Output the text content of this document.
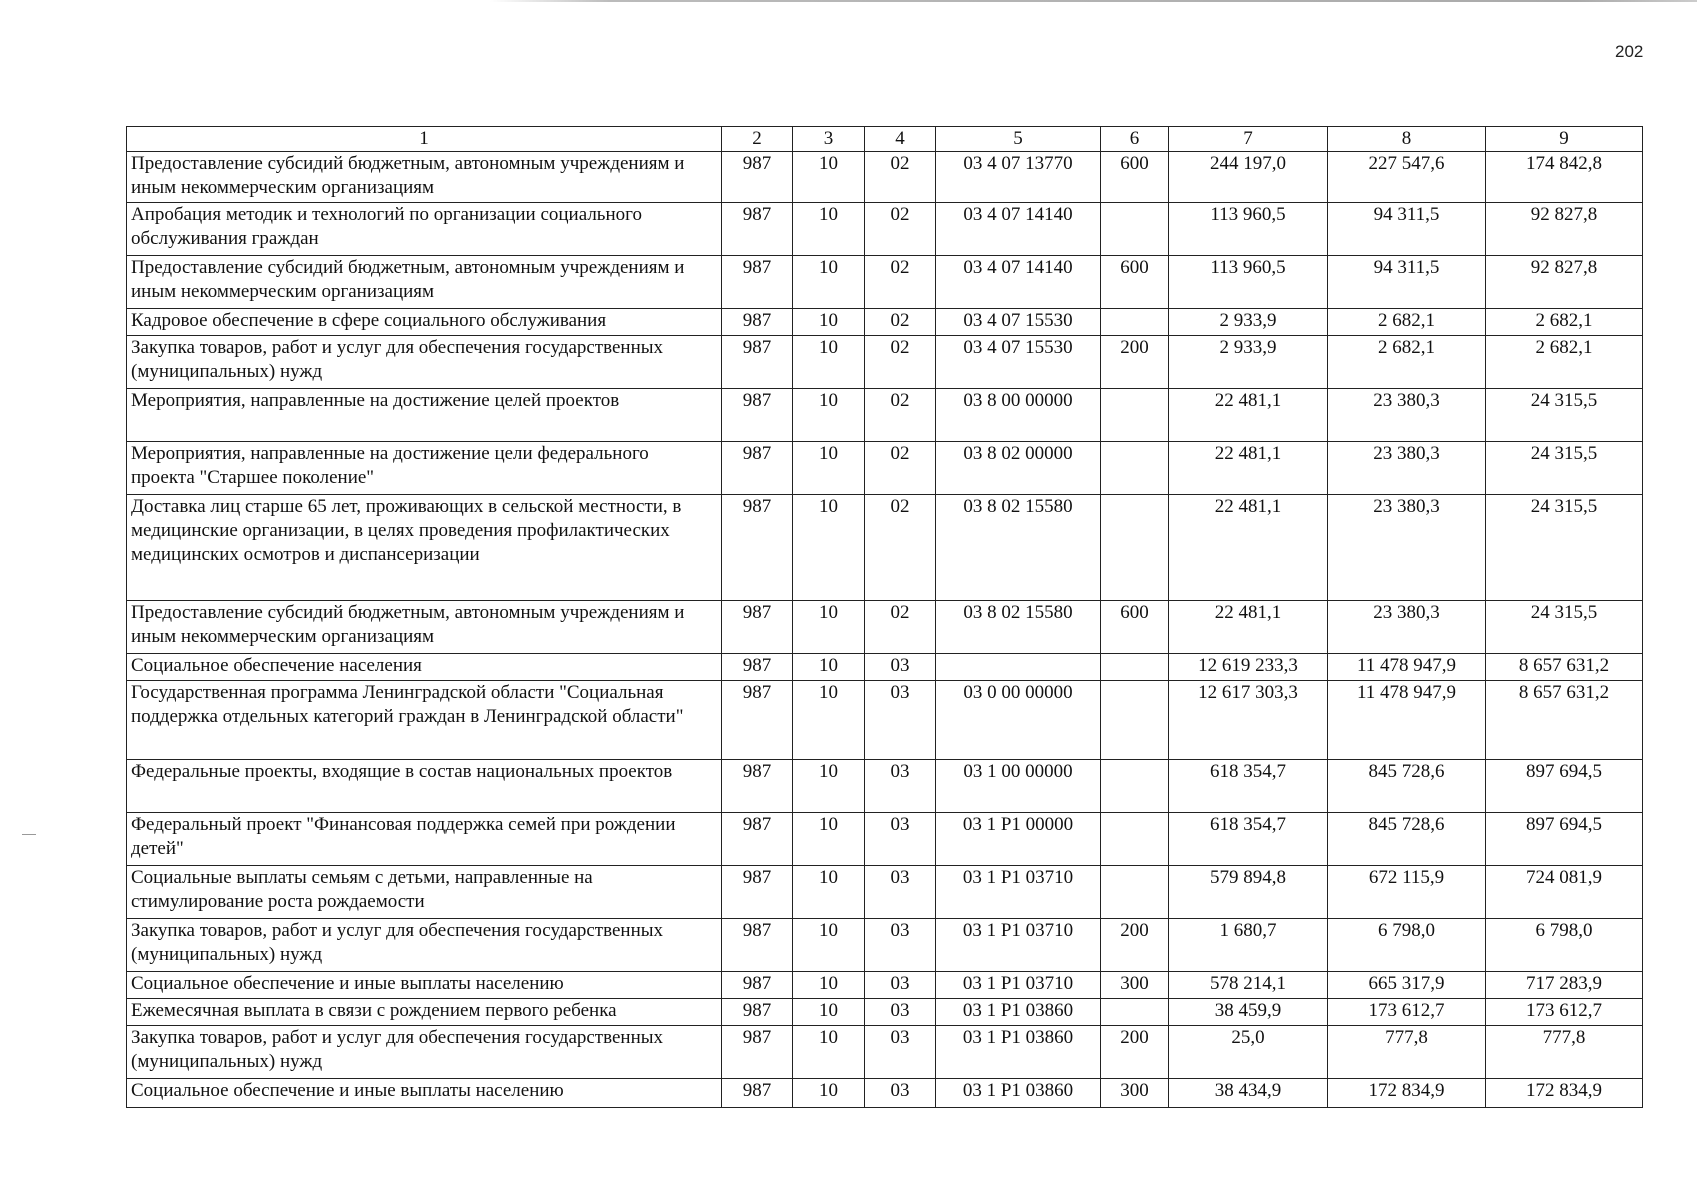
202
1	2	3	4	5	6	7	8	9
Предоставление субсидий бюджетным, автономным учреждениям и иным некоммерческим организациям	987	10	02	03 4 07 13770	600	244 197,0	227 547,6	174 842,8
Апробация методик и технологий по организации социального обслуживания граждан	987	10	02	03 4 07 14140		113 960,5	94 311,5	92 827,8
Предоставление субсидий бюджетным, автономным учреждениям и иным некоммерческим организациям	987	10	02	03 4 07 14140	600	113 960,5	94 311,5	92 827,8
Кадровое обеспечение в сфере социального обслуживания	987	10	02	03 4 07 15530		2 933,9	2 682,1	2 682,1
Закупка товаров, работ и услуг для обеспечения государственных (муниципальных) нужд	987	10	02	03 4 07 15530	200	2 933,9	2 682,1	2 682,1
Мероприятия, направленные на достижение целей проектов	987	10	02	03 8 00 00000		22 481,1	23 380,3	24 315,5
Мероприятия, направленные на достижение цели федерального проекта "Старшее поколение"	987	10	02	03 8 02 00000		22 481,1	23 380,3	24 315,5
Доставка лиц старше 65 лет, проживающих в сельской местности, в медицинские организации, в целях проведения профилактических медицинских осмотров и диспансеризации	987	10	02	03 8 02 15580		22 481,1	23 380,3	24 315,5
Предоставление субсидий бюджетным, автономным учреждениям и иным некоммерческим организациям	987	10	02	03 8 02 15580	600	22 481,1	23 380,3	24 315,5
Социальное обеспечение населения	987	10	03			12 619 233,3	11 478 947,9	8 657 631,2
Государственная программа Ленинградской области "Социальная поддержка отдельных категорий граждан в Ленинградской области"	987	10	03	03 0 00 00000		12 617 303,3	11 478 947,9	8 657 631,2
Федеральные проекты, входящие в состав национальных проектов	987	10	03	03 1 00 00000		618 354,7	845 728,6	897 694,5
Федеральный проект "Финансовая поддержка семей при рождении детей"	987	10	03	03 1 Р1 00000		618 354,7	845 728,6	897 694,5
Социальные выплаты семьям с детьми, направленные на стимулирование роста рождаемости	987	10	03	03 1 Р1 03710		579 894,8	672 115,9	724 081,9
Закупка товаров, работ и услуг для обеспечения государственных (муниципальных) нужд	987	10	03	03 1 Р1 03710	200	1 680,7	6 798,0	6 798,0
Социальное обеспечение и иные выплаты населению	987	10	03	03 1 Р1 03710	300	578 214,1	665 317,9	717 283,9
Ежемесячная выплата в связи с рождением первого ребенка	987	10	03	03 1 Р1 03860		38 459,9	173 612,7	173 612,7
Закупка товаров, работ и услуг для обеспечения государственных (муниципальных) нужд	987	10	03	03 1 Р1 03860	200	25,0	777,8	777,8
Социальное обеспечение и иные выплаты населению	987	10	03	03 1 Р1 03860	300	38 434,9	172 834,9	172 834,9
